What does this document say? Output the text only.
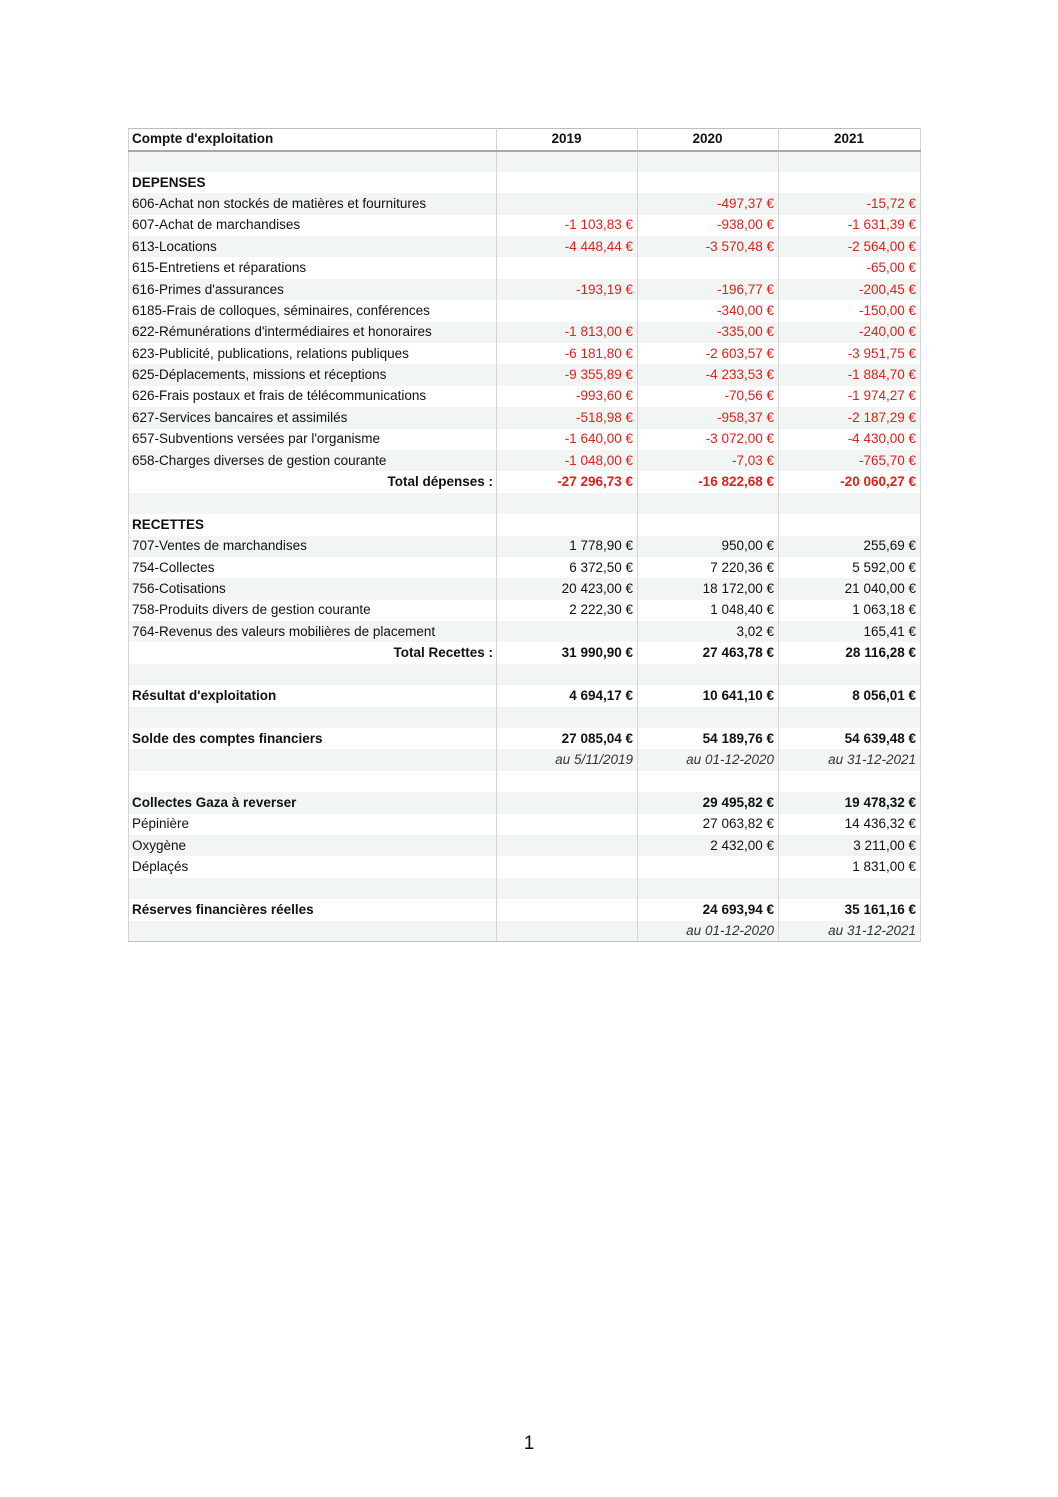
Compte d'exploitation	2019	2020	2021

DEPENSES			
606-Achat non stockés de matières et fournitures		-497,37 €	-15,72 €
607-Achat de marchandises	-1 103,83 €	-938,00 €	-1 631,39 €
613-Locations	-4 448,44 €	-3 570,48 €	-2 564,00 €
615-Entretiens et réparations			-65,00 €
616-Primes d'assurances	-193,19 €	-196,77 €	-200,45 €
6185-Frais de colloques, séminaires, conférences		-340,00 €	-150,00 €
622-Rémunérations d'intermédiaires et honoraires	-1 813,00 €	-335,00 €	-240,00 €
623-Publicité, publications, relations publiques	-6 181,80 €	-2 603,57 €	-3 951,75 €
625-Déplacements, missions et réceptions	-9 355,89 €	-4 233,53 €	-1 884,70 €
626-Frais postaux et frais de télécommunications	-993,60 €	-70,56 €	-1 974,27 €
627-Services bancaires et assimilés	-518,98 €	-958,37 €	-2 187,29 €
657-Subventions versées par l'organisme	-1 640,00 €	-3 072,00 €	-4 430,00 €
658-Charges diverses de gestion courante	-1 048,00 €	-7,03 €	-765,70 €
Total dépenses :	-27 296,73 €	-16 822,68 €	-20 060,27 €

RECETTES			
707-Ventes de marchandises	1 778,90 €	950,00 €	255,69 €
754-Collectes	6 372,50 €	7 220,36 €	5 592,00 €
756-Cotisations	20 423,00 €	18 172,00 €	21 040,00 €
758-Produits divers de gestion courante	2 222,30 €	1 048,40 €	1 063,18 €
764-Revenus des valeurs mobilières de placement		3,02 €	165,41 €
Total Recettes :	31 990,90 €	27 463,78 €	28 116,28 €

Résultat d'exploitation	4 694,17 €	10 641,10 €	8 056,01 €

Solde des comptes financiers	27 085,04 €	54 189,76 €	54 639,48 €
	au 5/11/2019	au 01-12-2020	au 31-12-2021

Collectes Gaza à reverser		29 495,82 €	19 478,32 €
Pépinière		27 063,82 €	14 436,32 €
Oxygène		2 432,00 €	3 211,00 €
Déplaçés			1 831,00 €

Réserves financières réelles		24 693,94 €	35 161,16 €
		au 01-12-2020	au 31-12-2021
1
